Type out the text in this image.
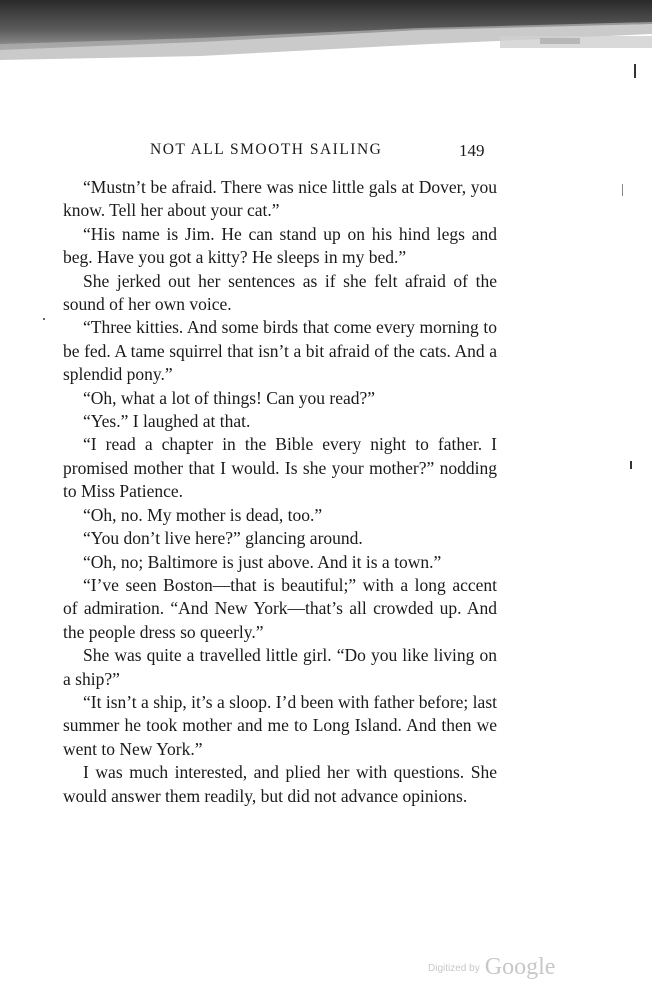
NOT ALL SMOOTH SAILING	149

“Mustn’t be afraid. There was nice little gals at Dover, you know. Tell her about your cat.”

“His name is Jim. He can stand up on his hind legs and beg. Have you got a kitty? He sleeps in my bed.”

She jerked out her sentences as if she felt afraid of the sound of her own voice.

“Three kitties. And some birds that come every morning to be fed. A tame squirrel that isn’t a bit afraid of the cats. And a splendid pony.”

“Oh, what a lot of things! Can you read?”

“Yes.” I laughed at that.

“I read a chapter in the Bible every night to father. I promised mother that I would. Is she your mother?” nodding to Miss Patience.

“Oh, no. My mother is dead, too.”

“You don’t live here?” glancing around.

“Oh, no; Baltimore is just above. And it is a town.”

“I’ve seen Boston—that is beautiful;” with a long accent of admiration. “And New York—that’s all crowded up. And the people dress so queerly.”

She was quite a travelled little girl. “Do you like living on a ship?”

“It isn’t a ship, it’s a sloop. I’d been with father before; last summer he took mother and me to Long Island. And then we went to New York.”

I was much interested, and plied her with questions. She would answer them readily, but did not advance opinions.

Digitized by Google
